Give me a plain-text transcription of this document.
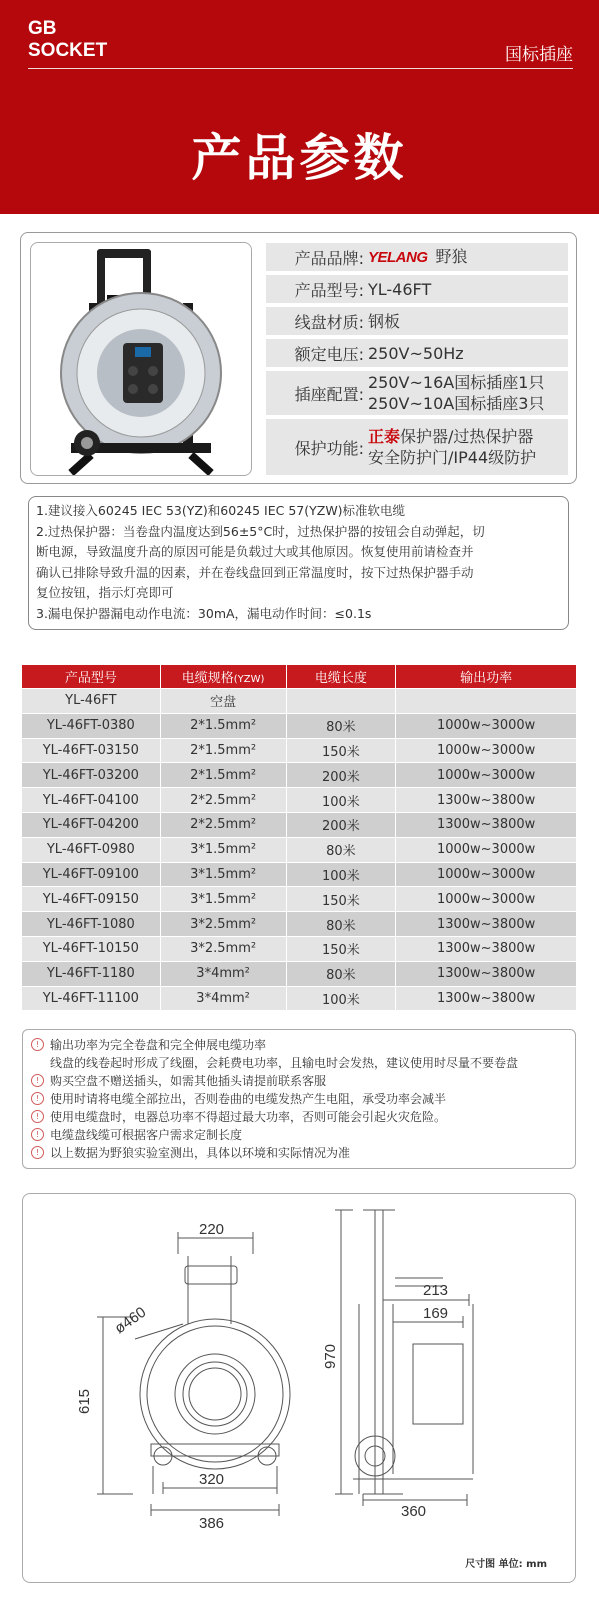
GB
SOCKET	国标插座
产品参数
产品品牌: YELANG 野狼
产品型号: YL-46FT
线盘材质: 钢板
额定电压: 250V~50Hz
插座配置:
250V~16A国标插座1只
250V~10A国标插座3只
保护功能:
正泰保护器/过热保护器
安全防护门/IP44级防护
1.建议接入60245 IEC 53(YZ)和60245 IEC 57(YZW)标准软电缆
2.过热保护器：当卷盘内温度达到56±5°C时，过热保护器的按钮会自动弹起，切
断电源，导致温度升高的原因可能是负载过大或其他原因。恢复使用前请检查并
确认已排除导致升温的因素，并在卷线盘回到正常温度时，按下过热保护器手动
复位按钮，指示灯亮即可
3.漏电保护器漏电动作电流：30mA，漏电动作时间：≤0.1s
产品型号	电缆规格(YZW)	电缆长度	输出功率
YL-46FT	空盘		
YL-46FT-0380	2*1.5mm²	80米	1000w~3000w
YL-46FT-03150	2*1.5mm²	150米	1000w~3000w
YL-46FT-03200	2*1.5mm²	200米	1000w~3000w
YL-46FT-04100	2*2.5mm²	100米	1300w~3800w
YL-46FT-04200	2*2.5mm²	200米	1300w~3800w
YL-46FT-0980	3*1.5mm²	80米	1000w~3000w
YL-46FT-09100	3*1.5mm²	100米	1000w~3000w
YL-46FT-09150	3*1.5mm²	150米	1000w~3000w
YL-46FT-1080	3*2.5mm²	80米	1300w~3800w
YL-46FT-10150	3*2.5mm²	150米	1300w~3800w
YL-46FT-1180	3*4mm²	80米	1300w~3800w
YL-46FT-11100	3*4mm²	100米	1300w~3800w
! 输出功率为完全卷盘和完全伸展电缆功率
线盘的线卷起时形成了线圈，会耗费电功率，且输电时会发热，建议使用时尽量不要卷盘
! 购买空盘不赠送插头，如需其他插头请提前联系客服
! 使用时请将电缆全部拉出，否则卷曲的电缆发热产生电阻，承受功率会减半
! 使用电缆盘时，电器总功率不得超过最大功率，否则可能会引起火灾危险。
! 电缆盘线缆可根据客户需求定制长度
! 以上数据为野狼实验室测出，具体以环境和实际情况为准
220
ø460
615
320
386
970
213
169
360
尺寸图 单位: mm
